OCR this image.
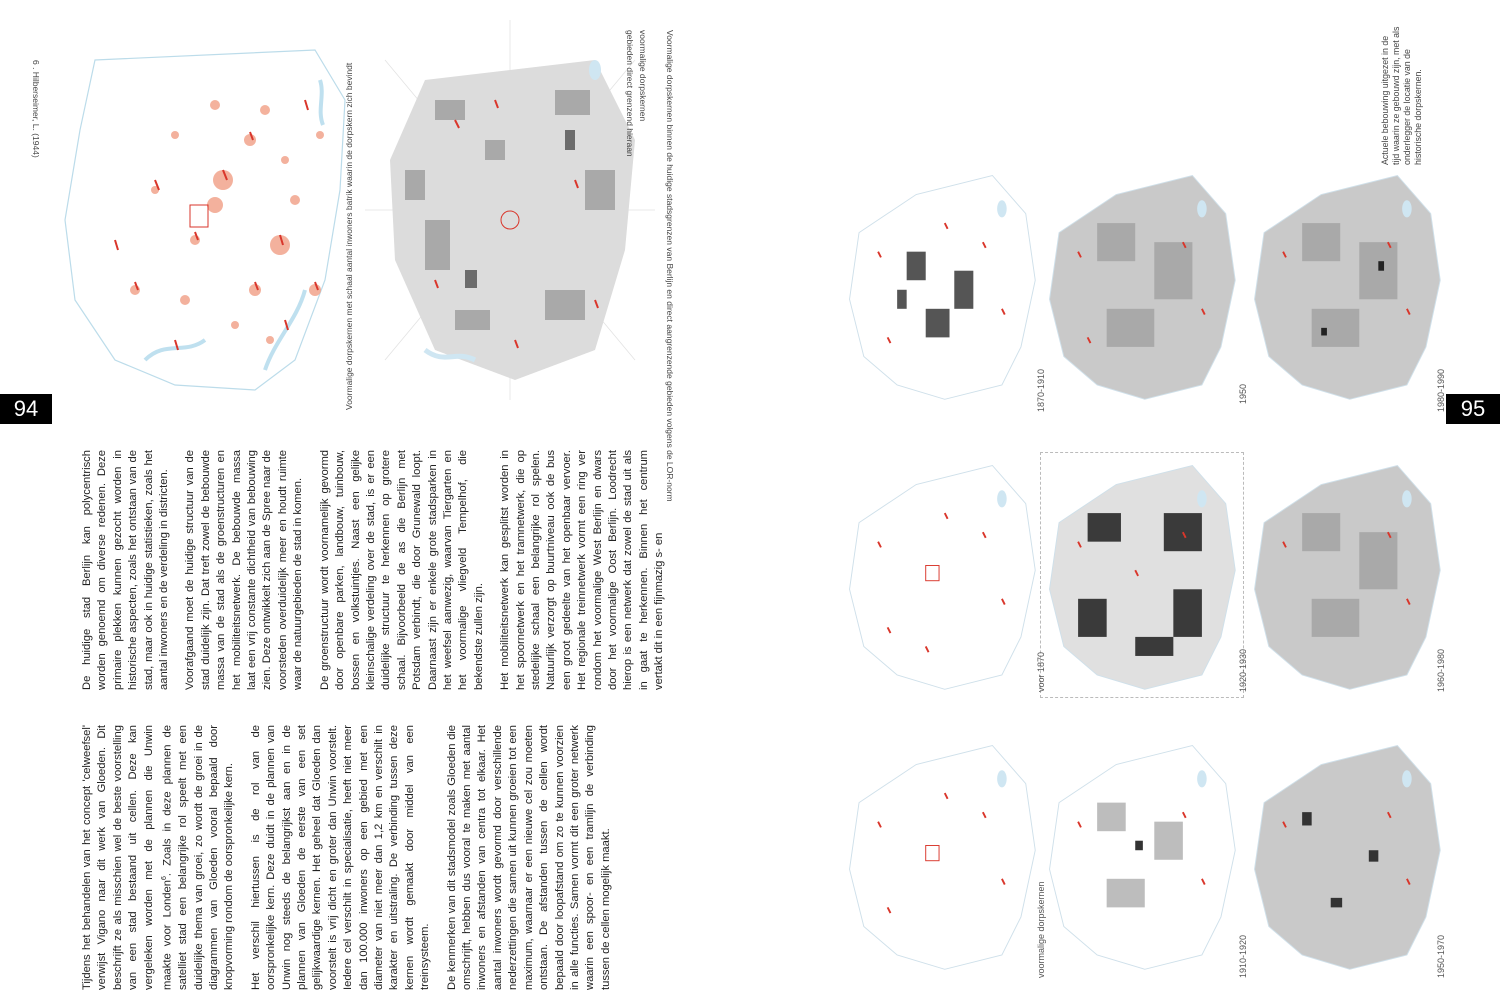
94	95
6 . Hilberseimer, L. (1944)	Voormalige dorpskernen met schaal aantal inwoners batrik waarin de dorpskern zich bevindt	Voormalige dorpskernen binnen de huidige stadsgrenzen van Berlijn en direct aangrenzende gebieden volgens de LOR-norm
voormalige dorpskernen
gebieden direct grenzend hieraan

De huidige stad Berlijn kan polycentrisch worden genoemd om diverse redenen. Deze primaire plekken kunnen gezocht worden in historische aspecten, zoals het ontstaan van de stad, maar ook in huidige statistieken, zoals het aantal inwoners en de verdeling in districten. Voorafgaand moet de huidige structuur van de stad duidelijk zijn. Dat treft zowel de bebouwde massa van de stad als de groenstructuren en het mobiliteitsnetwerk. De bebouwde massa laat een vrij constante dichtheid van bebouwing zien. Deze ontwikkelt zich aan de Spree naar de voorsteden overduidelijk meer en houdt ruimte waar de natuurgebieden de stad in komen. De groenstructuur wordt voornamelijk gevormd door openbare parken, landbouw, tuinbouw, bossen en volkstuintjes. Naast een gelijke kleinschalige verdeling over de stad, is er een duidelijke structuur te herkennen op grotere schaal. Bijvoorbeeld de as die Berlijn met Potsdam verbindt, die door Grunewald loopt. Daarnaast zijn er enkele grote stadsparken in het weefsel aanwezig, waarvan Tiergarten en het voormalige vliegveld Tempelhof, die bekendste zullen zijn. Het mobiliteitsnetwerk kan gesplitst worden in het spoornetwerk en het tramnetwerk, die op stedelijke schaal een belangrijke rol spelen. Natuurlijk verzorgt op buurtniveau ook de bus een groot gedeelte van het openbaar vervoer. Het regionale treinnetwerk vormt een ring ver rondom het voormalige West Berlijn en dwars door het voormalige Oost Berlijn. Loodrecht hierop is een netwerk dat zowel de stad uit als in gaat te herkennen. Binnen het centrum vertakt dit in een fijnmazig s- en

Tijdens het behandelen van het concept 'celweefsel' verwijst Vigano naar dit werk van Gloeden. Dit beschrijft ze als misschien wel de beste voorstelling van een stad bestaand uit cellen. Deze kan vergeleken worden met de plannen die Unwin maakte voor Londen$^6$. Zoals in deze plannen de satelliet stad een belangrijke rol speelt met een duidelijke thema van groei, zo wordt de groei in de diagrammen van Gloeden vooral bepaald door knopvorming rondom de oorspronkelijke kern. Het verschil hiertussen is de rol van de oorspronkelijke kern. Deze duidt in de plannen van Unwin nog steeds de belangrijkst aan en in de plannen van Gloeden de eerste van een set gelijkwaardige kernen. Het geheel dat Gloeden dan voorstelt is vrij dicht en groter dan Unwin voorstelt. Iedere cel verschilt in specialisatie, heeft niet meer dan 100.000 inwoners op een gebied met een diameter van niet meer dan 1,2 km en verschilt in karakter en uitstraling. De verbinding tussen deze kernen wordt gemaakt door middel van een treinsysteem. De kenmerken van dit stadsmodel zoals Gloeden die omschrijft, hebben dus vooral te maken met aantal inwoners en afstanden van centra tot elkaar. Het aantal inwoners wordt gevormd door verschillende nederzettingen die samen uit kunnen groeien tot een maximum, waarnaar er een nieuwe cel zou moeten ontstaan. De afstanden tussen de cellen wordt bepaald door loopafstand om zo te kunnen voorzien in alle functies. Samen vormt dit een groter netwerk waarin een spoor- en een tramlijn de verbinding tussen de cellen mogelijk maakt.

1870-1910	1950	1980-1990
voor 1870	1920-1930	1960-1980
voormalige dorpskernen	1910-1920	1950-1970
Actuele bebouwing uitgezet in de tijd waarin ze gebouwd zijn, met als onderlegger de locatie van de historische dorpskernen.
